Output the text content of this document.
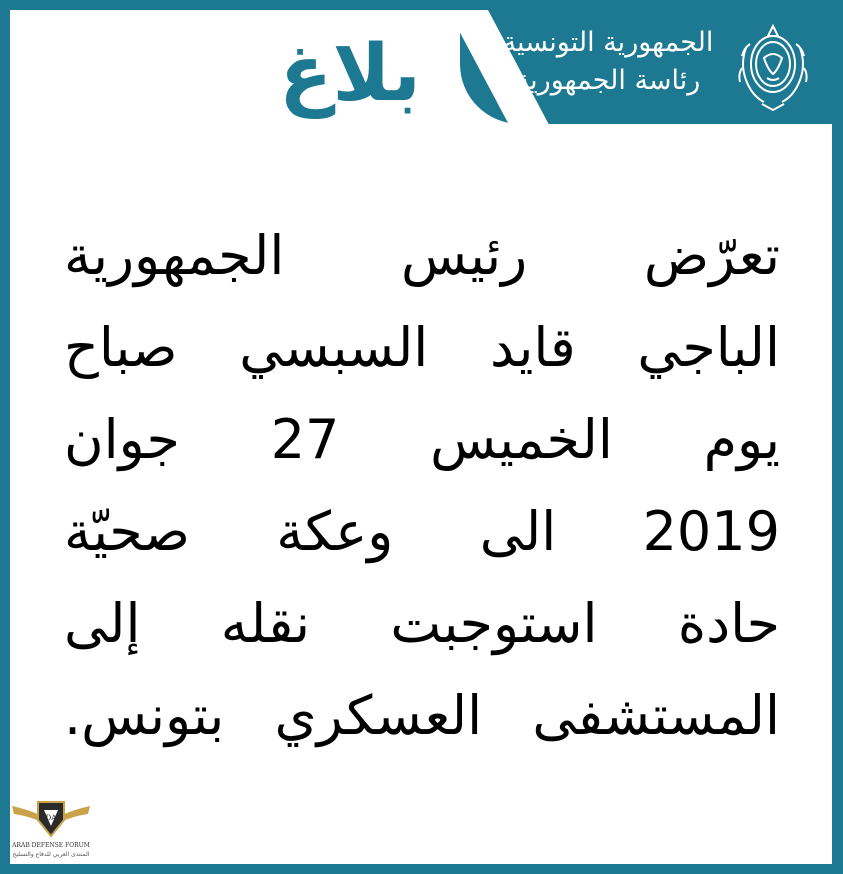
الجمهورية التونسية
رئاسة الجمهورية
بلاغ
تعرّض رئيس الجمهورية
الباجي قايد السبسي صباح
يوم الخميس 27 جوان
2019 الى وعكة صحيّة
حادة استوجبت نقله إلى
المستشفى العسكري بتونس.
DA
ARAB DEFENSE FORUM
المنتدى العربي للدفاع والتسليح
